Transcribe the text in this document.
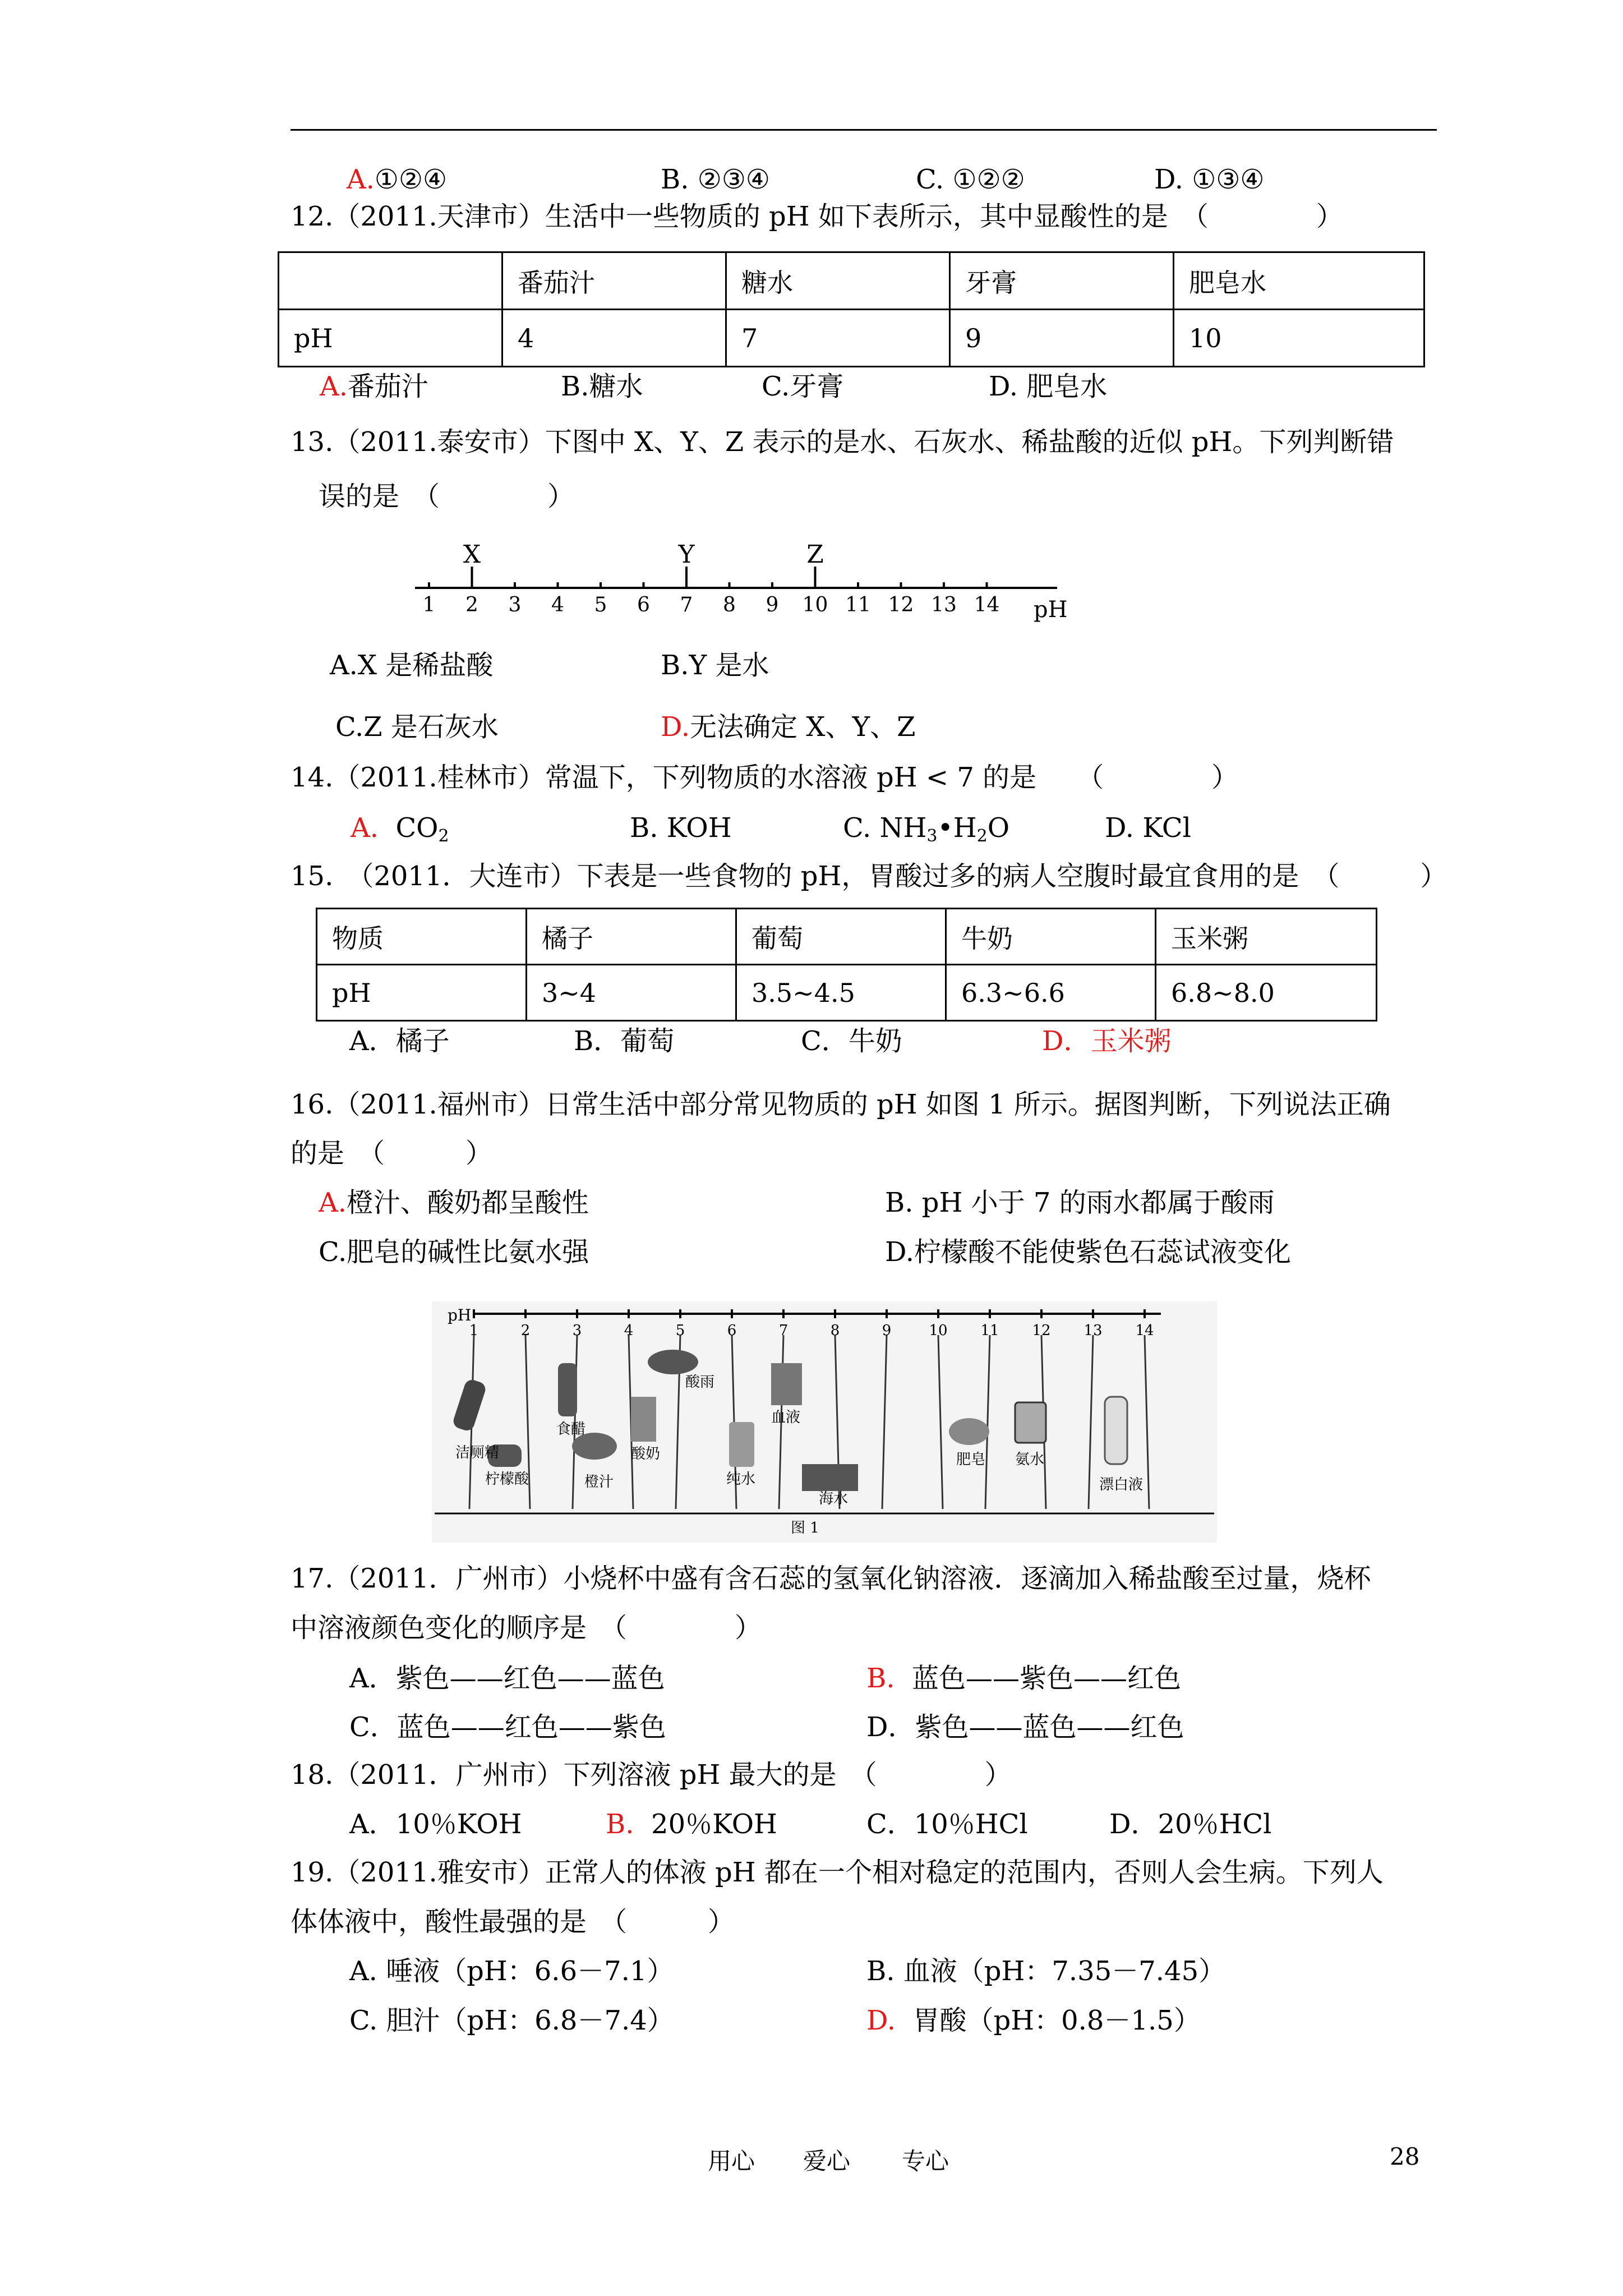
A.①②④	B. ②③④	C. ①②②	D. ①③④
12.（2011.天津市）生活中一些物质的 pH 如下表所示，其中显酸性的是　（　　　　）
	番茄汁	糖水	牙膏	肥皂水
pH	4	7	9	10
A.番茄汁	B.糖水	C.牙膏	D. 肥皂水
13.（2011.泰安市）下图中 X、Y、Z 表示的是水、石灰水、稀盐酸的近似 pH。下列判断错
误的是　（　　　　）
1 2 3 4 5 6 7 8 9 10 11 12 13 14
X	Y	Z
pH
A.X 是稀盐酸	B.Y 是水
C.Z 是石灰水	D.无法确定 X、Y、Z
14.（2011.桂林市）常温下，下列物质的水溶液 pH < 7 的是　　（　　　　）
A. $CO_2$	B. KOH	C. $NH_3•H_2O$	D. KCl
15.　（2011．大连市）下表是一些食物的 pH，胃酸过多的病人空腹时最宜食用的是　（　　　）
物质	橘子	葡萄	牛奶	玉米粥
pH	3~4	3.5~4.5	6.3~6.6	6.8~8.0
A．橘子	B．葡萄	C．牛奶	D．玉米粥
16.（2011.福州市）日常生活中部分常见物质的 pH 如图 1 所示。据图判断，下列说法正确
的是　（　　　）
A.橙汁、酸奶都呈酸性	B. pH 小于 7 的雨水都属于酸雨
C.肥皂的碱性比氨水强	D.柠檬酸不能使紫色石蕊试液变化
pH
1	2	3	4	5	6	7	8	9	10 11 12 13 14
洁厕精
柠檬酸
食醋
橙汁
酸奶
酸雨
纯水
血液
海水
肥皂 氨水
漂白液
图 1
17.（2011．广州市）小烧杯中盛有含石蕊的氢氧化钠溶液．逐滴加入稀盐酸至过量，烧杯
中溶液颜色变化的顺序是　（　　　　）
A．紫色——红色——蓝色	B. 蓝色——紫色——红色
C．蓝色——红色——紫色	D．紫色——蓝色——红色
18.（2011．广州市）下列溶液 pH 最大的是　（　　　　）
A．10％KOH	B. 20％KOH	C．10％HCl	D．20％HCl
19.（2011.雅安市）正常人的体液 pH 都在一个相对稳定的范围内，否则人会生病。下列人
体体液中，酸性最强的是　（　　　）
A. 唾液（pH：6.6－7.1）	B. 血液（pH：7.35－7.45）
C. 胆汁（pH：6.8－7.4）	D. 胃酸（pH：0.8－1.5）
用心 爱心 专心	28
